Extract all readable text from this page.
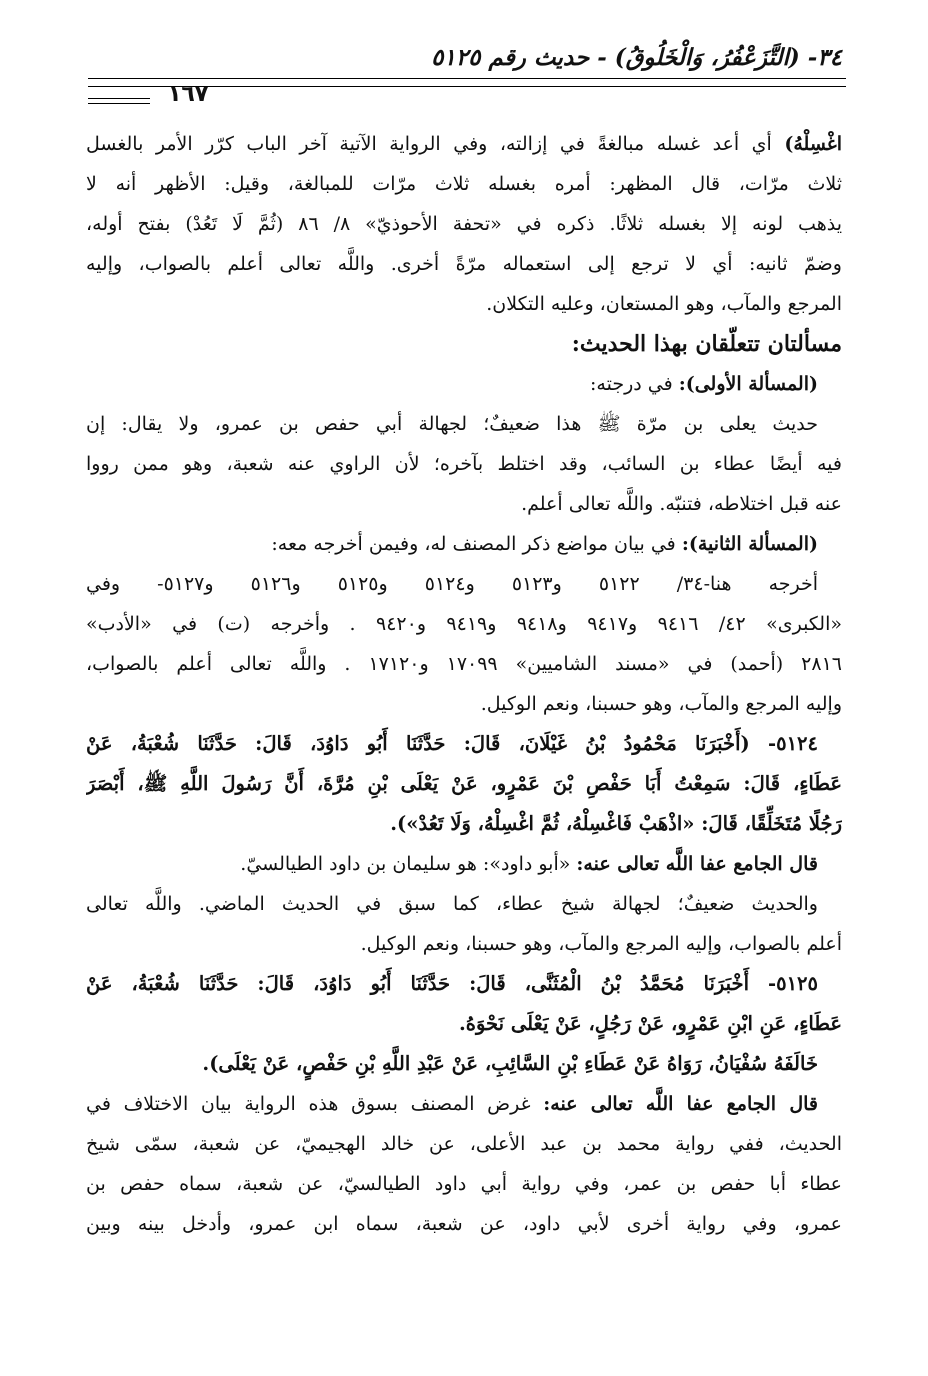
٣٤- (التَّزَعْفُرُ، وَالْخَلُوقُ) - حديث رقم ٥١٢٥
١٦٧
اغْسِلْهُ) أي أعد غسله مبالغةً في إزالته، وفي الرواية الآتية آخر الباب كرّر الأمر بالغسل
ثلاث مرّات، قال المظهر: أمره بغسله ثلاث مرّات للمبالغة، وقيل: الأظهر أنه لا
يذهب لونه إلا بغسله ثلاثًا. ذكره في «تحفة الأحوذيّ» ٨/ ٨٦ (ثُمَّ لَا تَعُدْ) بفتح أوله،
وضمّ ثانيه: أي لا ترجع إلى استعماله مرّةً أخرى. واللَّه تعالى أعلم بالصواب، وإليه
المرجع والمآب، وهو المستعان، وعليه التكلان.
مسألتان تتعلّقان بهذا الحديث:
(المسألة الأولى): في درجته:
حديث يعلى بن مرّة ﷺ هذا ضعيفٌ؛ لجهالة أبي حفص بن عمرو، ولا يقال: إن
فيه أيضًا عطاء بن السائب، وقد اختلط بآخره؛ لأن الراوي عنه شعبة، وهو ممن رووا
عنه قبل اختلاطه، فتنبّه. واللَّه تعالى أعلم.
(المسألة الثانية): في بيان مواضع ذكر المصنف له، وفيمن أخرجه معه:
أخرجه هنا-٣٤/ ٥١٢٢ و٥١٢٣ و٥١٢٤ و٥١٢٥ و٥١٢٦ و٥١٢٧- وفي
«الكبرى» ٤٢/ ٩٤١٦ و٩٤١٧ و٩٤١٨ و٩٤١٩ و٩٤٢٠ . وأخرجه (ت) في «الأدب»
٢٨١٦ (أحمد) في «مسند الشاميين» ١٧٠٩٩ و١٧١٢٠ . واللَّه تعالى أعلم بالصواب،
وإليه المرجع والمآب، وهو حسبنا، ونعم الوكيل.
٥١٢٤- (أَخْبَرَنَا مَحْمُودُ بْنُ غَيْلَانَ، قَالَ: حَدَّثَنَا أَبُو دَاوُدَ، قَالَ: حَدَّثَنَا شُعْبَةُ، عَنْ
عَطَاءٍ، قَالَ: سَمِعْتُ أَبَا حَفْصِ بْنَ عَمْرٍو، عَنْ يَعْلَى بْنِ مُرَّةَ، أَنَّ رَسُولَ اللَّهِ ﷺ، أَبْصَرَ
رَجُلًا مُتَخَلِّقًا، قَالَ: «اذْهَبْ فَاغْسِلْهُ، ثُمَّ اغْسِلْهُ، وَلَا تَعُدْ»).
قال الجامع عفا اللَّه تعالى عنه: «أبو داود»: هو سليمان بن داود الطيالسيّ.
والحديث ضعيفٌ؛ لجهالة شيخ عطاء، كما سبق في الحديث الماضي. واللَّه تعالى
أعلم بالصواب، وإليه المرجع والمآب، وهو حسبنا، ونعم الوكيل.
٥١٢٥- أَخْبَرَنَا مُحَمَّدُ بْنُ الْمُثَنَّى، قَالَ: حَدَّثَنَا أَبُو دَاوُدَ، قَالَ: حَدَّثَنَا شُعْبَةُ، عَنْ
عَطَاءٍ، عَنِ ابْنِ عَمْرٍو، عَنْ رَجُلٍ، عَنْ يَعْلَى نَحْوَهُ.
خَالَفَهُ سُفْيَانُ، رَوَاهُ عَنْ عَطَاءِ بْنِ السَّائِبِ، عَنْ عَبْدِ اللَّهِ بْنِ حَفْصٍ، عَنْ يَعْلَى).
قال الجامع عفا اللَّه تعالى عنه: غرض المصنف بسوق هذه الرواية بيان الاختلاف في
الحديث، ففي رواية محمد بن عبد الأعلى، عن خالد الهجيميّ، عن شعبة، سمّى شيخ
عطاء أبا حفص بن عمر، وفي رواية أبي داود الطيالسيّ، عن شعبة، سماه حفص بن
عمرو، وفي رواية أخرى لأبي داود، عن شعبة، سماه ابن عمرو، وأدخل بينه وبين
